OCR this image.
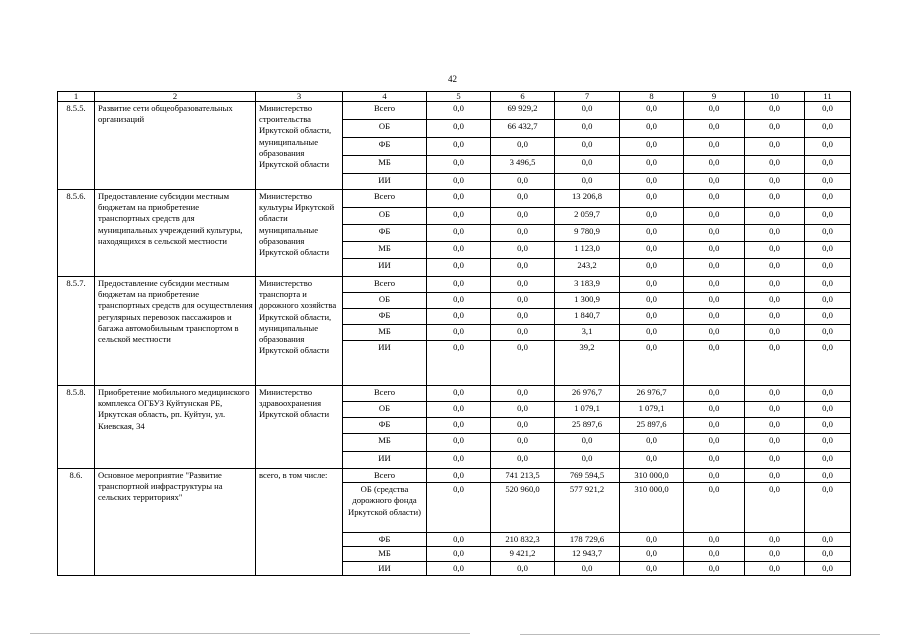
42
1	2	3	4	5	6	7	8	9	10	11
8.5.5.	Развитие сети общеобразовательных организаций	Министерство строительства Иркутской области, муниципальные образования Иркутской области	Всего	0,0	69 929,2	0,0	0,0	0,0	0,0	0,0
			ОБ	0,0	66 432,7	0,0	0,0	0,0	0,0	0,0
			ФБ	0,0	0,0	0,0	0,0	0,0	0,0	0,0
			МБ	0,0	3 496,5	0,0	0,0	0,0	0,0	0,0
			ИИ	0,0	0,0	0,0	0,0	0,0	0,0	0,0
8.5.6.	Предоставление субсидии местным бюджетам на приобретение транспортных средств для муниципальных учреждений культуры, находящихся в сельской местности	Министерство культуры Иркутской области муниципальные образования Иркутской области	Всего	0,0	0,0	13 206,8	0,0	0,0	0,0	0,0
			ОБ	0,0	0,0	2 059,7	0,0	0,0	0,0	0,0
			ФБ	0,0	0,0	9 780,9	0,0	0,0	0,0	0,0
			МБ	0,0	0,0	1 123,0	0,0	0,0	0,0	0,0
			ИИ	0,0	0,0	243,2	0,0	0,0	0,0	0,0
8.5.7.	Предоставление субсидии местным бюджетам на приобретение транспортных средств для осуществления регулярных перевозок пассажиров и багажа автомобильным транспортом в сельской местности	Министерство транспорта и дорожного хозяйства Иркутской области, муниципальные образования Иркутской области	Всего	0,0	0,0	3 183,9	0,0	0,0	0,0	0,0
			ОБ	0,0	0,0	1 300,9	0,0	0,0	0,0	0,0
			ФБ	0,0	0,0	1 840,7	0,0	0,0	0,0	0,0
			МБ	0,0	0,0	3,1	0,0	0,0	0,0	0,0
			ИИ	0,0	0,0	39,2	0,0	0,0	0,0	0,0
8.5.8.	Приобретение мобильного медицинского комплекса ОГБУЗ Куйтунская РБ, Иркутская область, рп. Куйтун, ул. Киевская, 34	Министерство здравоохранения Иркутской области	Всего	0,0	0,0	26 976,7	26 976,7	0,0	0,0	0,0
			ОБ	0,0	0,0	1 079,1	1 079,1	0,0	0,0	0,0
			ФБ	0,0	0,0	25 897,6	25 897,6	0,0	0,0	0,0
			МБ	0,0	0,0	0,0	0,0	0,0	0,0	0,0
			ИИ	0,0	0,0	0,0	0,0	0,0	0,0	0,0
8.6.	Основное мероприятие "Развитие транспортной инфраструктуры на сельских территориях"	всего, в том числе:	Всего	0,0	741 213,5	769 594,5	310 000,0	0,0	0,0	0,0
			ОБ (средства дорожного фонда Иркутской области)	0,0	520 960,0	577 921,2	310 000,0	0,0	0,0	0,0
			ФБ	0,0	210 832,3	178 729,6	0,0	0,0	0,0	0,0
			МБ	0,0	9 421,2	12 943,7	0,0	0,0	0,0	0,0
			ИИ	0,0	0,0	0,0	0,0	0,0	0,0	0,0
